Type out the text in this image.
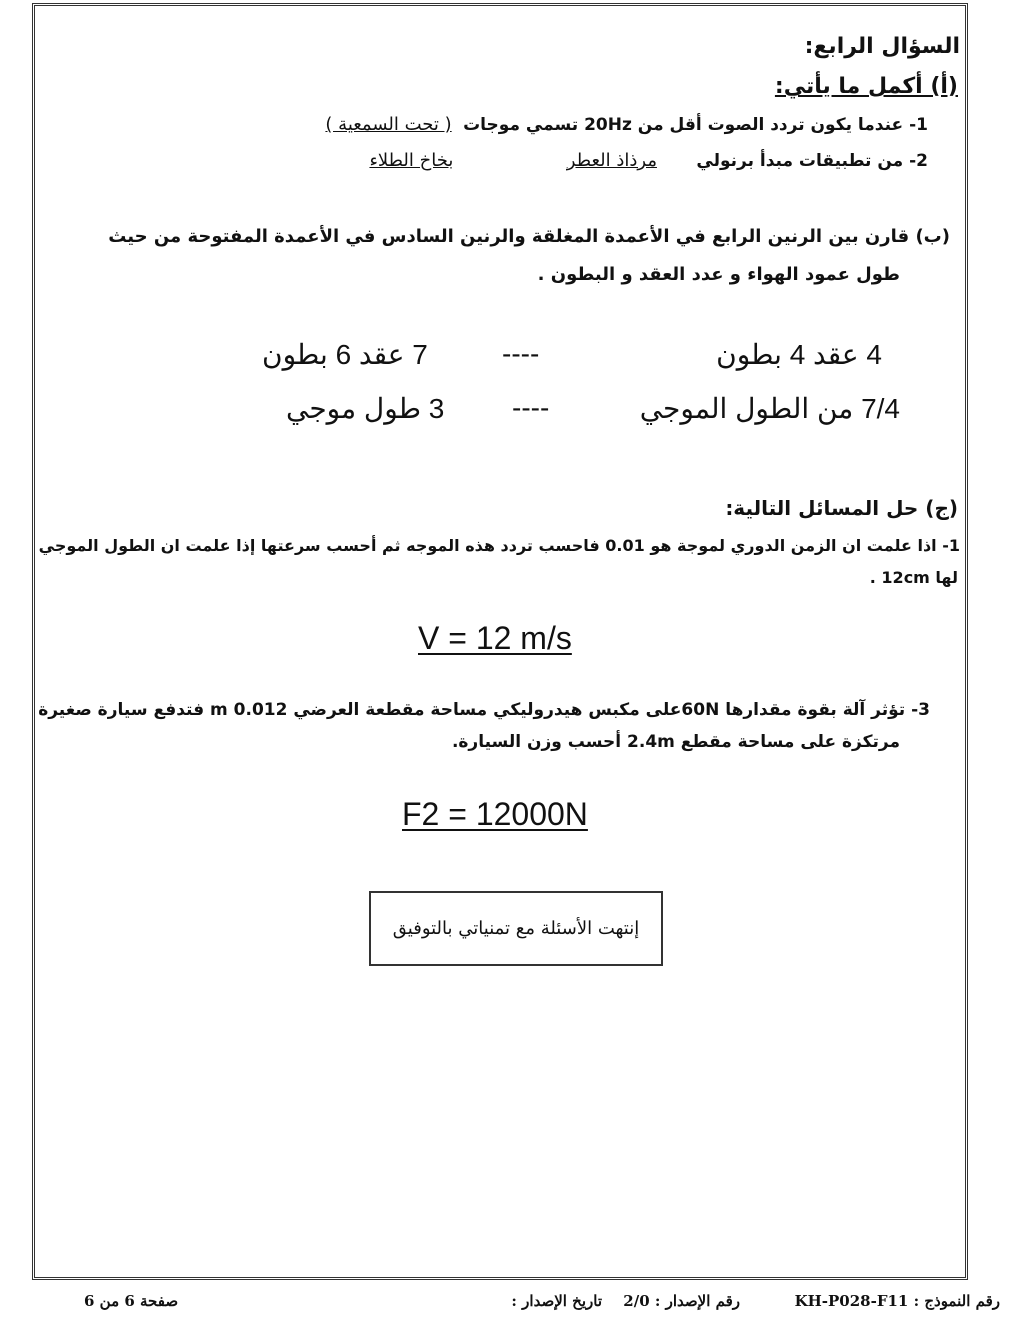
السؤال الرابع:
(أ) أكمل ما يأتي:
1- عندما يكون تردد الصوت أقل من 20Hz تسمي موجات ( تحت السمعية )
2- من تطبيقات مبدأ برنولي مرذاذ العطر بخاخ الطلاء
(ب) قارن بين الرنين الرابع في الأعمدة المغلقة والرنين السادس في الأعمدة المفتوحة من حيث
طول عمود الهواء و عدد العقد و البطون .
4 عقد 4 بطون
----
7 عقد 6 بطون
7/4 من الطول الموجي
----
3 طول موجي
(ج) حل المسائل التالية:
1- اذا علمت ان الزمن الدوري لموجة هو 0.01 فاحسب تردد هذه الموجه ثم أحسب سرعتها إذا علمت ان الطول الموجي
لها 12cm .
V = 12 m/s
3- تؤثر آلة بقوة مقدارها 60Nعلى مكبس هيدروليكي مساحة مقطعة العرضي 0.012 m فتدفع سيارة صغيرة
مرتكزة على مساحة مقطع 2.4m أحسب وزن السيارة.
F2 = 12000N
إنتهت الأسئلة مع تمنياتي بالتوفيق
رقم النموذج : KH-P028-F11
رقم الإصدار : 2/0
تاريخ الإصدار :
صفحة 6 من 6
